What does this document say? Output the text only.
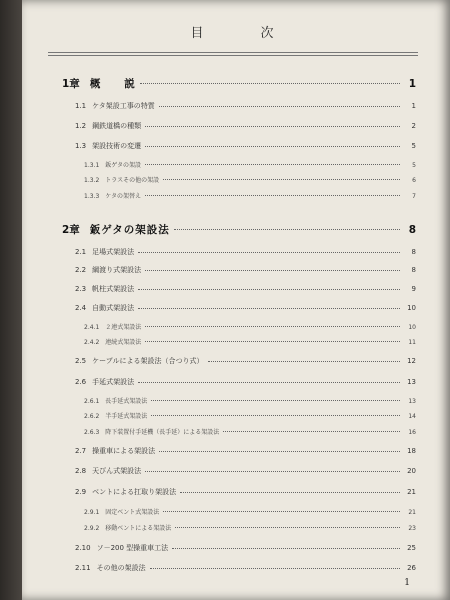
目　次
1章 概　　説	1
1.1 ケタ架設工事の特質	1
1.2 鋼鉄道橋の種類	2
1.3 架設技術の変遷	5
1.3.1 鈑ゲタの架設	5
1.3.2 トラスその他の架設	6
1.3.3 ケタの架替え	7
2章 鈑ゲタの架設法	8
2.1 足場式架設法	8
2.2 綱渡り式架設法	8
2.3 帆柱式架設法	9
2.4 自動式架設法	10
2.4.1 ２連式架設法	10
2.4.2 連続式架設法	11
2.5 ケーブルによる架設法（合つり式）	12
2.6 手延式架設法	13
2.6.1 長手延式架設法	13
2.6.2 半手延式架設法	14
2.6.3 降下装置付手延機（長手延）による架設法	16
2.7 操重車による架設法	18
2.8 天びん式架設法	20
2.9 ベントによる扛取り架設法	21
2.9.1 固定ベント式架設法	21
2.9.2 移動ベントによる架設法	23
2.10 ソ－200 型操重車工法	25
2.11 その他の架設法	26
1
